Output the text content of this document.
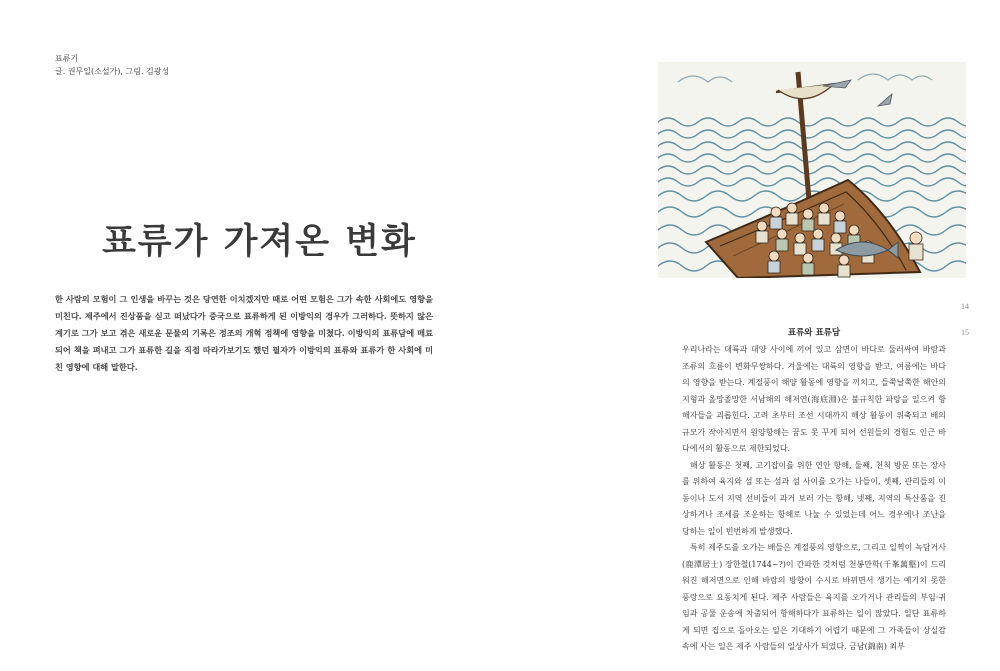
표류기
글. 권무일(소설가), 그림. 김광성
표류가 가져온 변화

한 사람의 모험이 그 인생을 바꾸는 것은 당연한 이치겠지만 때로 어떤 모험은 그가 속한 사회에도 영향을 미친다. 제주에서 진상품을 싣고 떠났다가 중국으로 표류하게 된 이방익의 경우가 그러하다. 뜻하지 않은 계기로 그가 보고 겪은 새로운 문물의 기록은 정조의 개혁 정책에 영향을 미쳤다. 이방익의 표류담에 매료되어 책을 펴내고 그가 표류한 길을 직접 따라가보기도 했던 필자가 이방익의 표류와 표류가 한 사회에 미친 영향에 대해 말한다.

14
15
표류와 표류담

우리나라는 대륙과 대양 사이에 끼어 있고 삼면이 바다로 둘러싸여 바람과 조류의 흐름이 변화무쌍하다. 겨울에는 대륙의 영향을 받고, 여름에는 바다의 영향을 받는다. 계절풍이 해양 활동에 영향을 끼치고, 들쭉날쭉한 해안의 지형과 올망졸망한 서남해의 해저연(海底淵)은 불규칙한 파랑을 일으켜 항해자들을 괴롭힌다. 고려 초부터 조선 시대까지 해상 활동이 위축되고 배의 규모가 작아지면서 원양항해는 꿈도 못 꾸게 되어 선원들의 경험도 인근 바다에서의 활동으로 제한되었다.

해상 활동은 첫째, 고기잡이를 위한 연안 항해, 둘째, 천척 방문 또는 장사를 위하여 육지와 섬 또는 섬과 섬 사이를 오가는 나들이, 셋째, 관리들의 이동이나 도서 지역 선비들이 과거 보러 가는 항해, 넷째, 지역의 특산품을 진상하거나 조세를 조운하는 항해로 나눌 수 있었는데 어느 경우에나 조난을 당하는 일이 빈번하게 발생했다.

특히 제주도를 오가는 배들은 계절풍의 영향으로, 그리고 일찍이 녹담거사(鹿潭居士) 장한철(1744~?)이 간파한 것처럼 천봉만학(千峯萬壑)이 드리워진 해저면으로 인해 바람의 방향이 수시로 바뀌면서 생기는 예기치 못한 풍랑으로 요동치게 된다. 제주 사람들은 육지를 오가거나 관리들의 부임·귀임과 공물 운송에 차출되어 항해하다가 표류하는 일이 많았다. 일단 표류하게 되면 집으로 돌아오는 일은 기대하기 어렵기 때문에 그 가족들이 상실감 속에 사는 일은 제주 사람들의 일상사가 되었다. 금남(錦南) 최부
